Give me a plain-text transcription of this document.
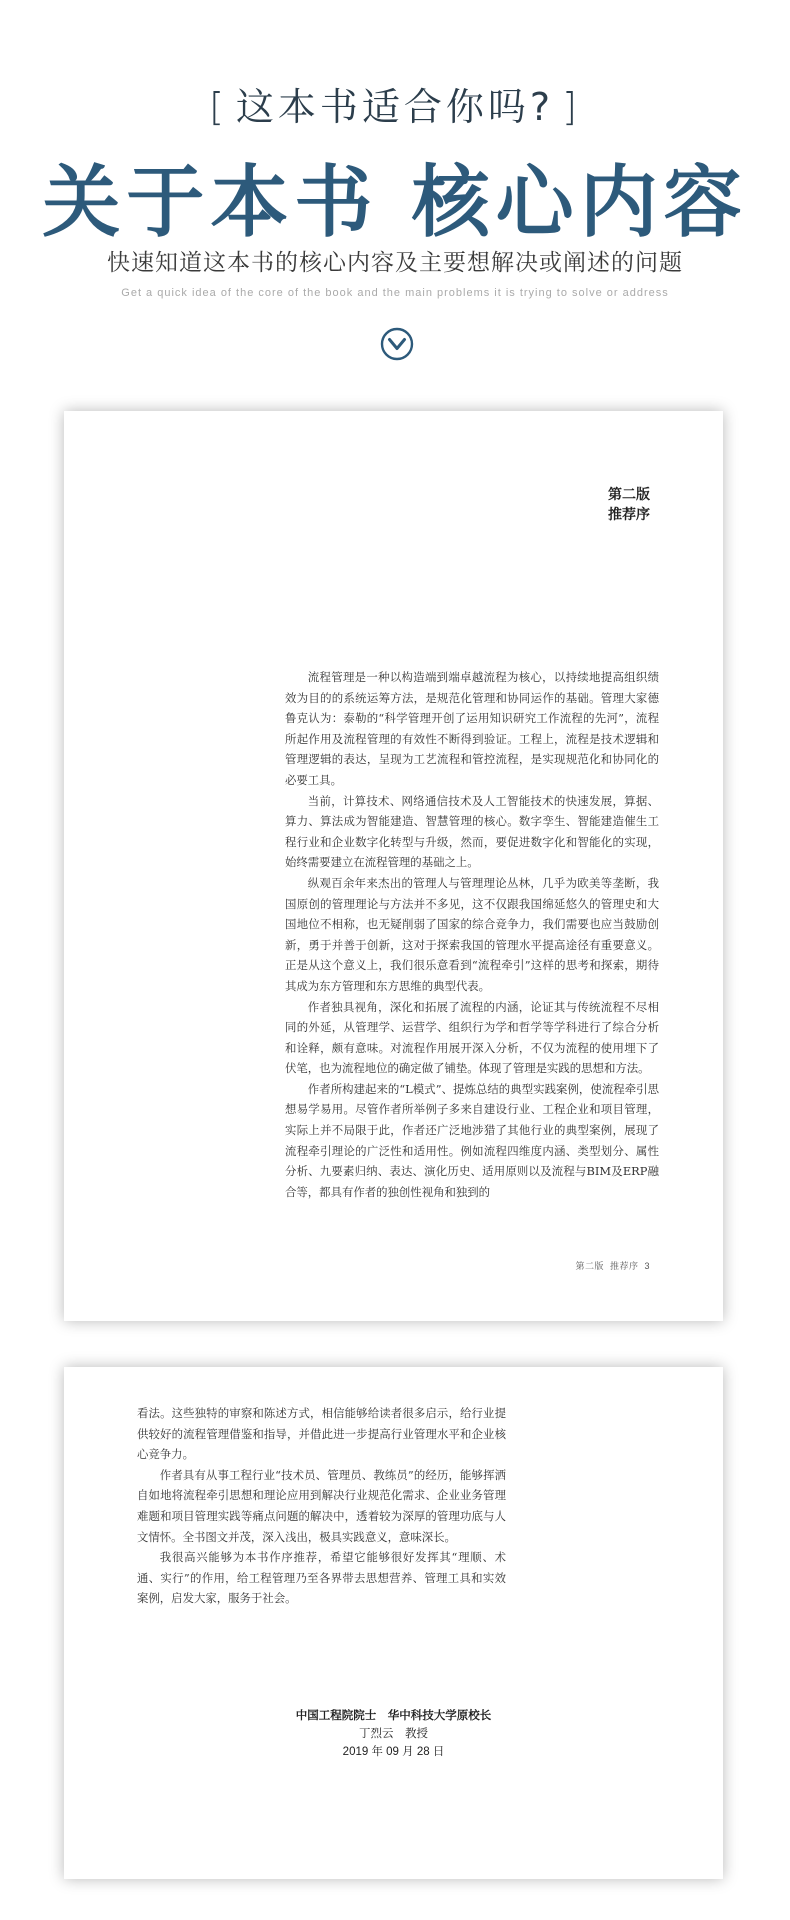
[ 这本书适合你吗? ]
关于本书 核心内容
快速知道这本书的核心内容及主要想解决或阐述的问题
Get a quick idea of the core of the book and the main problems it is trying to solve or address
第二版
推荐序

流程管理是一种以构造端到端卓越流程为核心，以持续地提高组织绩效为目的的系统运筹方法，是规范化管理和协同运作的基础。管理大家德鲁克认为：泰勒的“科学管理开创了运用知识研究工作流程的先河”，流程所起作用及流程管理的有效性不断得到验证。工程上，流程是技术逻辑和管理逻辑的表达，呈现为工艺流程和管控流程，是实现规范化和协同化的必要工具。

当前，计算技术、网络通信技术及人工智能技术的快速发展，算据、算力、算法成为智能建造、智慧管理的核心。数字孪生、智能建造催生工程行业和企业数字化转型与升级，然而，要促进数字化和智能化的实现，始终需要建立在流程管理的基础之上。

纵观百余年来杰出的管理人与管理理论丛林，几乎为欧美等垄断，我国原创的管理理论与方法并不多见，这不仅跟我国绵延悠久的管理史和大国地位不相称，也无疑削弱了国家的综合竞争力，我们需要也应当鼓励创新，勇于并善于创新，这对于探索我国的管理水平提高途径有重要意义。正是从这个意义上，我们很乐意看到“流程牵引”这样的思考和探索，期待其成为东方管理和东方思维的典型代表。

作者独具视角，深化和拓展了流程的内涵，论证其与传统流程不尽相同的外延，从管理学、运营学、组织行为学和哲学等学科进行了综合分析和诠释，颇有意味。对流程作用展开深入分析，不仅为流程的使用埋下了伏笔，也为流程地位的确定做了铺垫。体现了管理是实践的思想和方法。

作者所构建起来的“L模式”、提炼总结的典型实践案例，使流程牵引思想易学易用。尽管作者所举例子多来自建设行业、工程企业和项目管理，实际上并不局限于此，作者还广泛地涉猎了其他行业的典型案例，展现了流程牵引理论的广泛性和适用性。例如流程四维度内涵、类型划分、属性分析、九要素归纳、表达、演化历史、适用原则以及流程与BIM及ERP融合等，都具有作者的独创性视角和独到的

第二版 推荐序 3

看法。这些独特的审察和陈述方式，相信能够给读者很多启示，给行业提供较好的流程管理借鉴和指导，并借此进一步提高行业管理水平和企业核心竞争力。

作者具有从事工程行业“技术员、管理员、教练员”的经历，能够挥洒自如地将流程牵引思想和理论应用到解决行业规范化需求、企业业务管理难题和项目管理实践等痛点问题的解决中，透着较为深厚的管理功底与人文情怀。全书图文并茂，深入浅出，极具实践意义，意味深长。

我很高兴能够为本书作序推荐，希望它能够很好发挥其“理顺、术通、实行”的作用，给工程管理乃至各界带去思想营养、管理工具和实效案例，启发大家，服务于社会。

中国工程院院士　华中科技大学原校长
丁烈云　教授
2019 年 09 月 28 日
